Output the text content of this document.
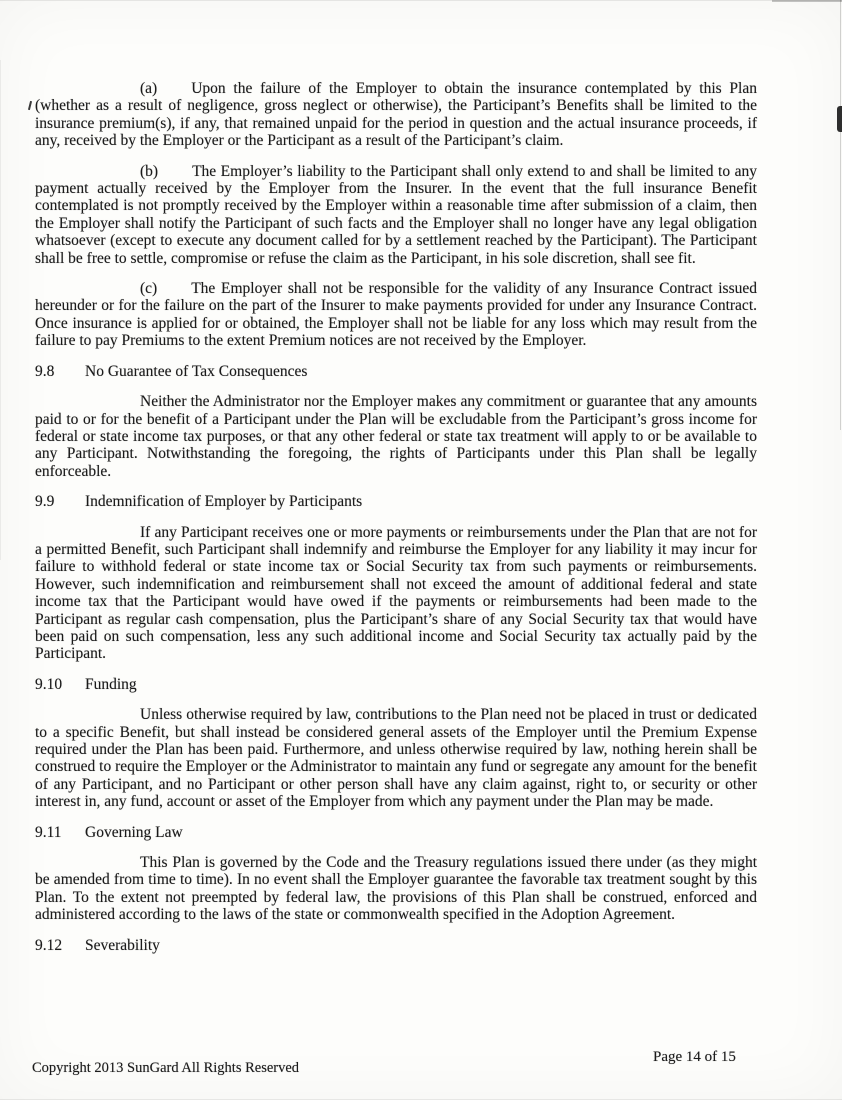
(a) Upon the failure of the Employer to obtain the insurance contemplated by this Plan (whether as a result of negligence, gross neglect or otherwise), the Participant’s Benefits shall be limited to the insurance premium(s), if any, that remained unpaid for the period in question and the actual insurance proceeds, if any, received by the Employer or the Participant as a result of the Participant’s claim.

(b) The Employer’s liability to the Participant shall only extend to and shall be limited to any payment actually received by the Employer from the Insurer. In the event that the full insurance Benefit contemplated is not promptly received by the Employer within a reasonable time after submission of a claim, then the Employer shall notify the Participant of such facts and the Employer shall no longer have any legal obligation whatsoever (except to execute any document called for by a settlement reached by the Participant). The Participant shall be free to settle, compromise or refuse the claim as the Participant, in his sole discretion, shall see fit.

(c) The Employer shall not be responsible for the validity of any Insurance Contract issued hereunder or for the failure on the part of the Insurer to make payments provided for under any Insurance Contract. Once insurance is applied for or obtained, the Employer shall not be liable for any loss which may result from the failure to pay Premiums to the extent Premium notices are not received by the Employer.

9.8 No Guarantee of Tax Consequences

Neither the Administrator nor the Employer makes any commitment or guarantee that any amounts paid to or for the benefit of a Participant under the Plan will be excludable from the Participant’s gross income for federal or state income tax purposes, or that any other federal or state tax treatment will apply to or be available to any Participant. Notwithstanding the foregoing, the rights of Participants under this Plan shall be legally enforceable.

9.9 Indemnification of Employer by Participants

If any Participant receives one or more payments or reimbursements under the Plan that are not for a permitted Benefit, such Participant shall indemnify and reimburse the Employer for any liability it may incur for failure to withhold federal or state income tax or Social Security tax from such payments or reimbursements. However, such indemnification and reimbursement shall not exceed the amount of additional federal and state income tax that the Participant would have owed if the payments or reimbursements had been made to the Participant as regular cash compensation, plus the Participant’s share of any Social Security tax that would have been paid on such compensation, less any such additional income and Social Security tax actually paid by the Participant.

9.10 Funding

Unless otherwise required by law, contributions to the Plan need not be placed in trust or dedicated to a specific Benefit, but shall instead be considered general assets of the Employer until the Premium Expense required under the Plan has been paid. Furthermore, and unless otherwise required by law, nothing herein shall be construed to require the Employer or the Administrator to maintain any fund or segregate any amount for the benefit of any Participant, and no Participant or other person shall have any claim against, right to, or security or other interest in, any fund, account or asset of the Employer from which any payment under the Plan may be made.

9.11 Governing Law

This Plan is governed by the Code and the Treasury regulations issued there under (as they might be amended from time to time). In no event shall the Employer guarantee the favorable tax treatment sought by this Plan. To the extent not preempted by federal law, the provisions of this Plan shall be construed, enforced and administered according to the laws of the state or commonwealth specified in the Adoption Agreement.

9.12 Severability

Copyright 2013 SunGard All Rights Reserved
Page 14 of 15
